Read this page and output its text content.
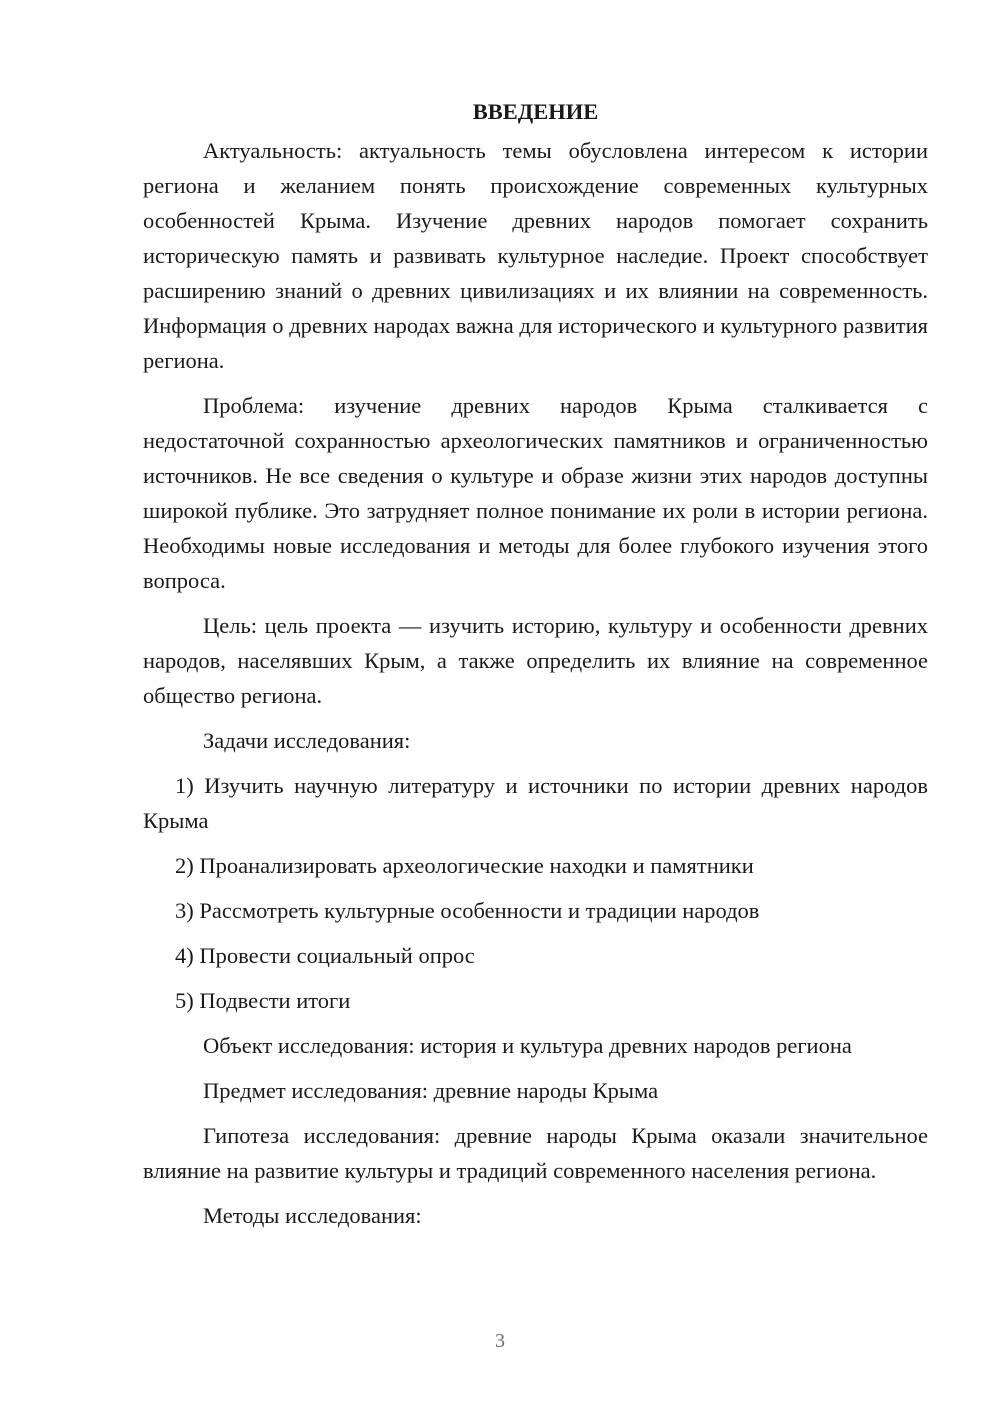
ВВЕДЕНИЕ

Актуальность: актуальность темы обусловлена интересом к истории региона и желанием понять происхождение современных культурных особенностей Крыма. Изучение древних народов помогает сохранить историческую память и развивать культурное наследие. Проект способствует расширению знаний о древних цивилизациях и их влиянии на современность. Информация о древних народах важна для исторического и культурного развития региона.

Проблема: изучение древних народов Крыма сталкивается с недостаточной сохранностью археологических памятников и ограниченностью источников. Не все сведения о культуре и образе жизни этих народов доступны широкой публике. Это затрудняет полное понимание их роли в истории региона. Необходимы новые исследования и методы для более глубокого изучения этого вопроса.

Цель: цель проекта — изучить историю, культуру и особенности древних народов, населявших Крым, а также определить их влияние на современное общество региона.

Задачи исследования:

1) Изучить научную литературу и источники по истории древних народов Крыма

2) Проанализировать археологические находки и памятники

3) Рассмотреть культурные особенности и традиции народов

4) Провести социальный опрос

5) Подвести итоги

Объект исследования: история и культура древних народов региона

Предмет исследования: древние народы Крыма

Гипотеза исследования: древние народы Крыма оказали значительное влияние на развитие культуры и традиций современного населения региона.

Методы исследования:

3
